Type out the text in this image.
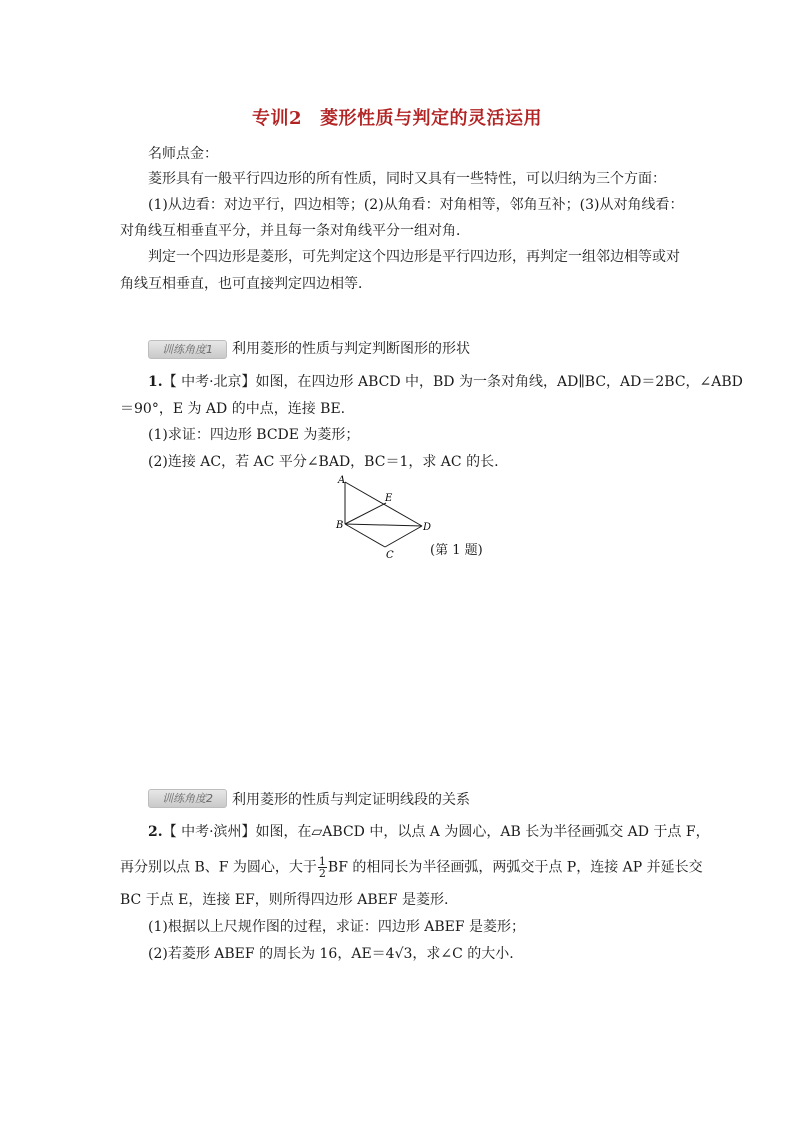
专训2 菱形性质与判定的灵活运用
名师点金：
菱形具有一般平行四边形的所有性质，同时又具有一些特性，可以归纳为三个方面：
(1)从边看：对边平行，四边相等；(2)从角看：对角相等，邻角互补；(3)从对角线看：
对角线互相垂直平分，并且每一条对角线平分一组对角．
判定一个四边形是菱形，可先判定这个四边形是平行四边形，再判定一组邻边相等或对
角线互相垂直，也可直接判定四边相等．
训练角度1	利用菱形的性质与判定判断图形的形状
1.【 中考·北京】如图，在四边形 ABCD 中，BD 为一条对角线，AD∥BC，AD＝2BC，∠ABD
＝90°，E 为 AD 的中点，连接 BE.
(1)求证：四边形 BCDE 为菱形；
(2)连接 AC，若 AC 平分∠BAD，BC＝1，求 AC 的长.
A
B
C
D
E
(第 1 题)
训练角度2	利用菱形的性质与判定证明线段的关系
2.【 中考·滨州】如图，在▱ABCD 中，以点 A 为圆心，AB 长为半径画弧交 AD 于点 F，
再分别以点 B、F 为圆心，大于 $\frac{1}{2}$ BF 的相同长为半径画弧，两弧交于点 P，连接 AP 并延长交
BC 于点 E，连接 EF，则所得四边形 ABEF 是菱形.
(1)根据以上尺规作图的过程，求证：四边形 ABEF 是菱形；
(2)若菱形 ABEF 的周长为 16，AE＝4√3，求∠C 的大小.
